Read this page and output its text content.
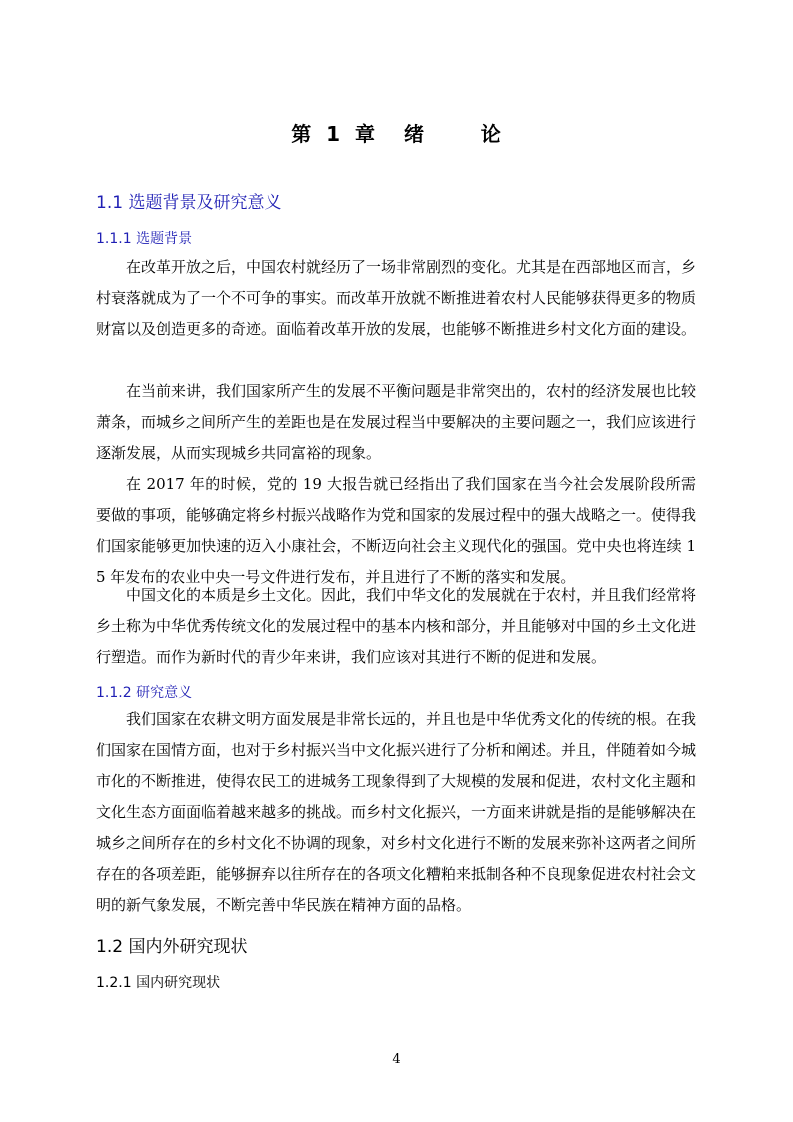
第 1 章  绪    论
1.1 选题背景及研究意义
1.1.1 选题背景

在改革开放之后，中国农村就经历了一场非常剧烈的变化。尤其是在西部地区而言，乡村衰落就成为了一个不可争的事实。而改革开放就不断推进着农村人民能够获得更多的物质财富以及创造更多的奇迹。面临着改革开放的发展，也能够不断推进乡村文化方面的建设。

在当前来讲，我们国家所产生的发展不平衡问题是非常突出的，农村的经济发展也比较萧条，而城乡之间所产生的差距也是在发展过程当中要解决的主要问题之一，我们应该进行逐渐发展，从而实现城乡共同富裕的现象。

在 2017 年的时候，党的 19 大报告就已经指出了我们国家在当今社会发展阶段所需要做的事项，能够确定将乡村振兴战略作为党和国家的发展过程中的强大战略之一。使得我们国家能够更加快速的迈入小康社会，不断迈向社会主义现代化的强国。党中央也将连续 15 年发布的农业中央一号文件进行发布，并且进行了不断的落实和发展。

中国文化的本质是乡土文化。因此，我们中华文化的发展就在于农村，并且我们经常将乡土称为中华优秀传统文化的发展过程中的基本内核和部分，并且能够对中国的乡土文化进行塑造。而作为新时代的青少年来讲，我们应该对其进行不断的促进和发展。

1.1.2 研究意义

我们国家在农耕文明方面发展是非常长远的，并且也是中华优秀文化的传统的根。在我们国家在国情方面，也对于乡村振兴当中文化振兴进行了分析和阐述。并且，伴随着如今城市化的不断推进，使得农民工的进城务工现象得到了大规模的发展和促进，农村文化主题和文化生态方面面临着越来越多的挑战。而乡村文化振兴，一方面来讲就是指的是能够解决在城乡之间所存在的乡村文化不协调的现象，对乡村文化进行不断的发展来弥补这两者之间所存在的各项差距，能够摒弃以往所存在的各项文化糟粕来抵制各种不良现象促进农村社会文明的新气象发展，不断完善中华民族在精神方面的品格。

1.2 国内外研究现状
1.2.1 国内研究现状
4
